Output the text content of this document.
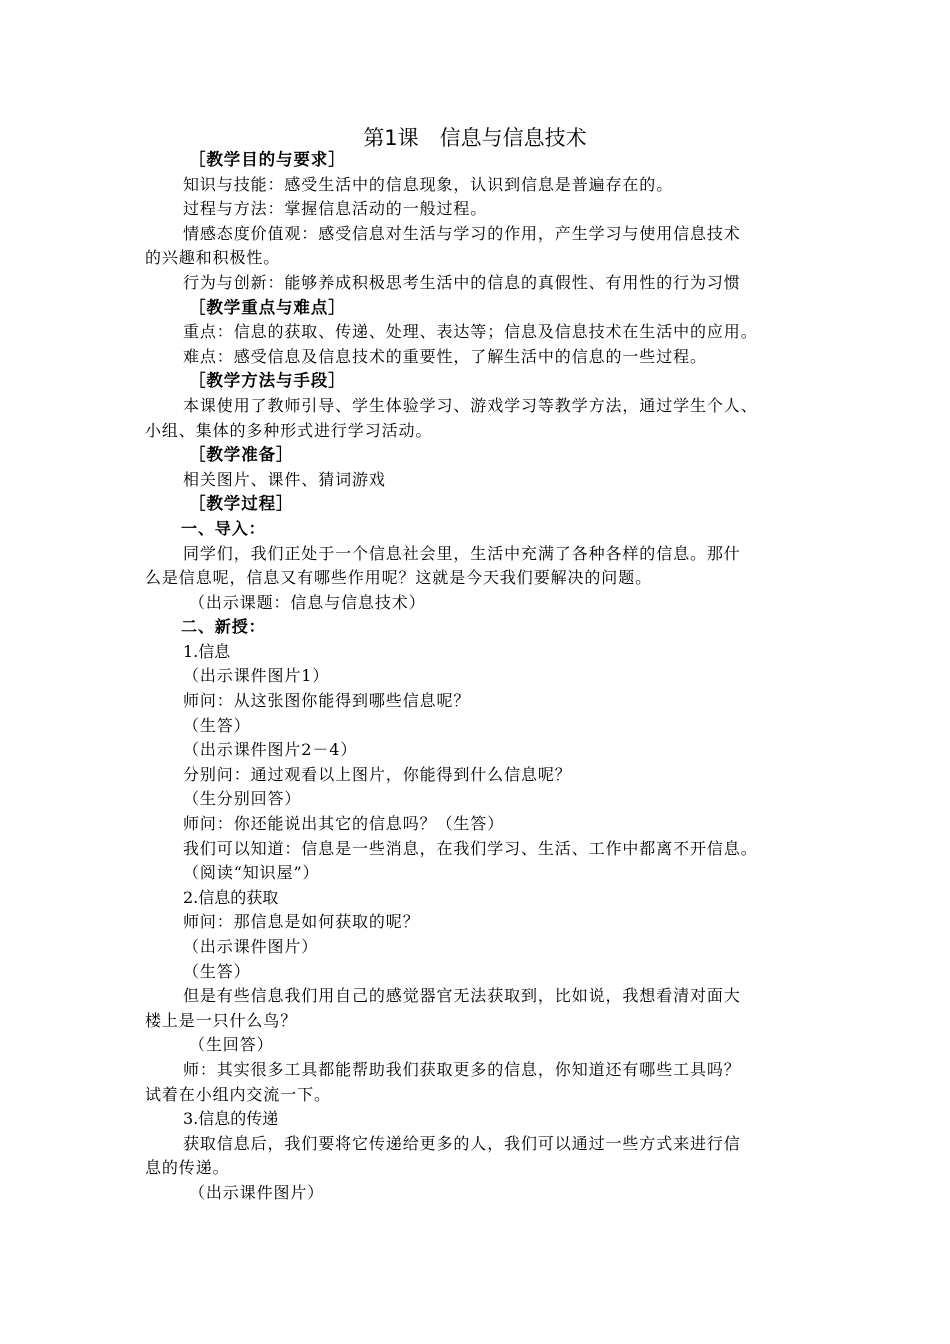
第1课　信息与信息技术

［教学目的与要求］

知识与技能：感受生活中的信息现象，认识到信息是普遍存在的。

过程与方法：掌握信息活动的一般过程。

情感态度价值观：感受信息对生活与学习的作用，产生学习与使用信息技术

的兴趣和积极性。

行为与创新：能够养成积极思考生活中的信息的真假性、有用性的行为习惯

［教学重点与难点］

重点：信息的获取、传递、处理、表达等；信息及信息技术在生活中的应用。

难点：感受信息及信息技术的重要性，了解生活中的信息的一些过程。

［教学方法与手段］

本课使用了教师引导、学生体验学习、游戏学习等教学方法，通过学生个人、

小组、集体的多种形式进行学习活动。

［教学准备］

相关图片、课件、猜词游戏

［教学过程］

一、导入：

同学们，我们正处于一个信息社会里，生活中充满了各种各样的信息。那什

么是信息呢，信息又有哪些作用呢？这就是今天我们要解决的问题。

（出示课题：信息与信息技术）

二、新授：

1.信息

（出示课件图片1）

师问：从这张图你能得到哪些信息呢？

（生答）

（出示课件图片2－4）

分别问：通过观看以上图片，你能得到什么信息呢？

（生分别回答）

师问：你还能说出其它的信息吗？（生答）

我们可以知道：信息是一些消息，在我们学习、生活、工作中都离不开信息。

（阅读“知识屋”）

2.信息的获取

师问：那信息是如何获取的呢？

（出示课件图片）

（生答）

但是有些信息我们用自己的感觉器官无法获取到，比如说，我想看清对面大

楼上是一只什么鸟？

（生回答）

师：其实很多工具都能帮助我们获取更多的信息，你知道还有哪些工具吗？

试着在小组内交流一下。

3.信息的传递

获取信息后，我们要将它传递给更多的人，我们可以通过一些方式来进行信

息的传递。

（出示课件图片）
